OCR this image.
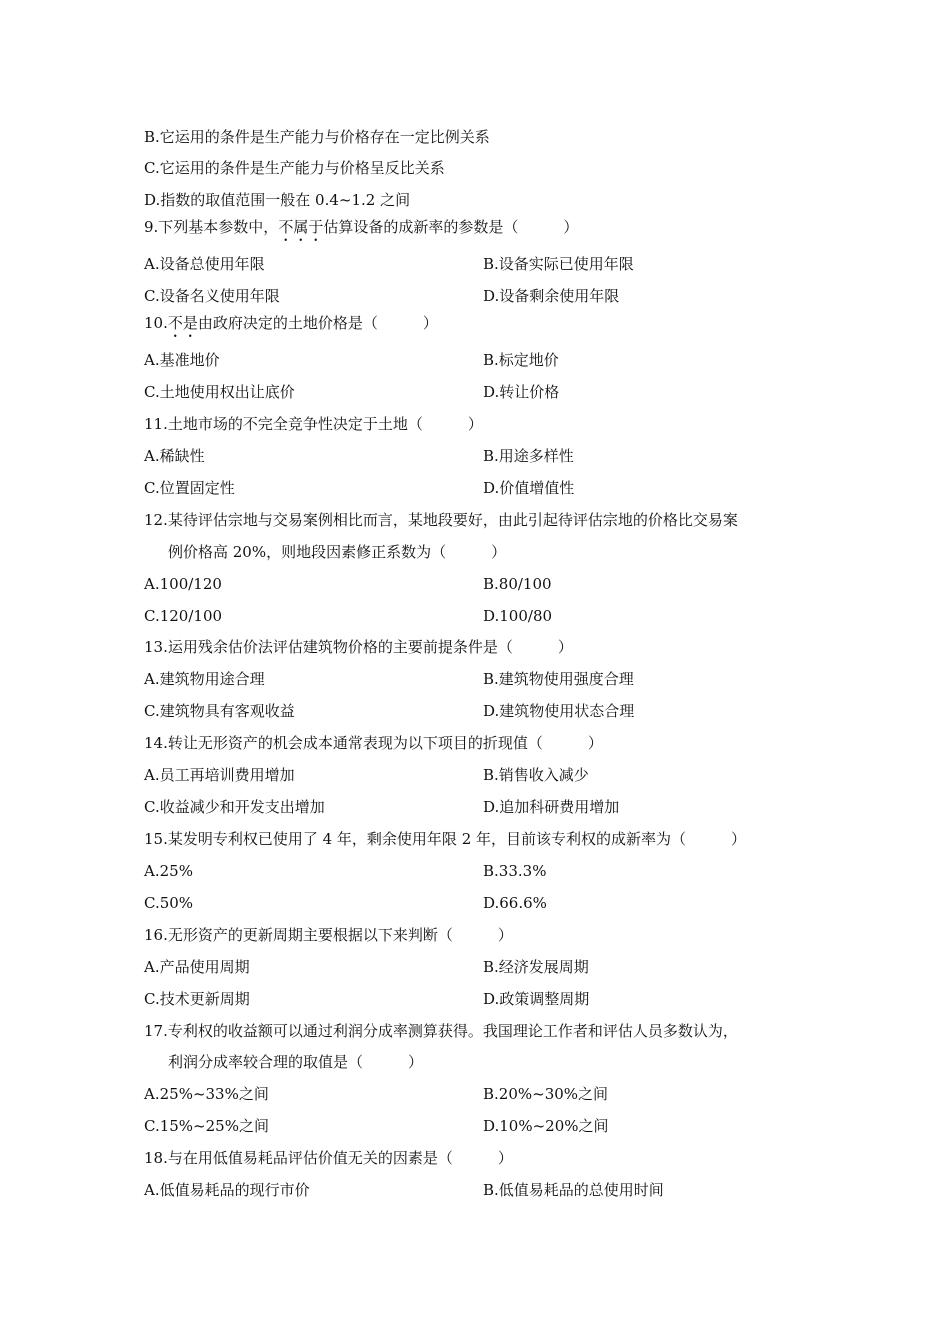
B.它运用的条件是生产能力与价格存在一定比例关系
C.它运用的条件是生产能力与价格呈反比关系
D.指数的取值范围一般在 0.4~1.2 之间
9.下列基本参数中，不属于估算设备的成新率的参数是（　　　）
A.设备总使用年限	B.设备实际已使用年限
C.设备名义使用年限	D.设备剩余使用年限
10.不是由政府决定的土地价格是（　　　）
A.基准地价	B.标定地价
C.土地使用权出让底价	D.转让价格
11.土地市场的不完全竞争性决定于土地（　　　）
A.稀缺性	B.用途多样性
C.位置固定性	D.价值增值性
12.某待评估宗地与交易案例相比而言，某地段要好，由此引起待评估宗地的价格比交易案
例价格高 20%，则地段因素修正系数为（　　　）
A.100/120	B.80/100
C.120/100	D.100/80
13.运用残余估价法评估建筑物价格的主要前提条件是（　　　）
A.建筑物用途合理	B.建筑物使用强度合理
C.建筑物具有客观收益	D.建筑物使用状态合理
14.转让无形资产的机会成本通常表现为以下项目的折现值（　　　）
A.员工再培训费用增加	B.销售收入减少
C.收益减少和开发支出增加	D.追加科研费用增加
15.某发明专利权已使用了 4 年，剩余使用年限 2 年，目前该专利权的成新率为（　　　）
A.25%	B.33.3%
C.50%	D.66.6%
16.无形资产的更新周期主要根据以下来判断（　　　）
A.产品使用周期	B.经济发展周期
C.技术更新周期	D.政策调整周期
17.专利权的收益额可以通过利润分成率测算获得。我国理论工作者和评估人员多数认为，
利润分成率较合理的取值是（　　　）
A.25%~33%之间	B.20%~30%之间
C.15%~25%之间	D.10%~20%之间
18.与在用低值易耗品评估价值无关的因素是（　　　）
A.低值易耗品的现行市价	B.低值易耗品的总使用时间
